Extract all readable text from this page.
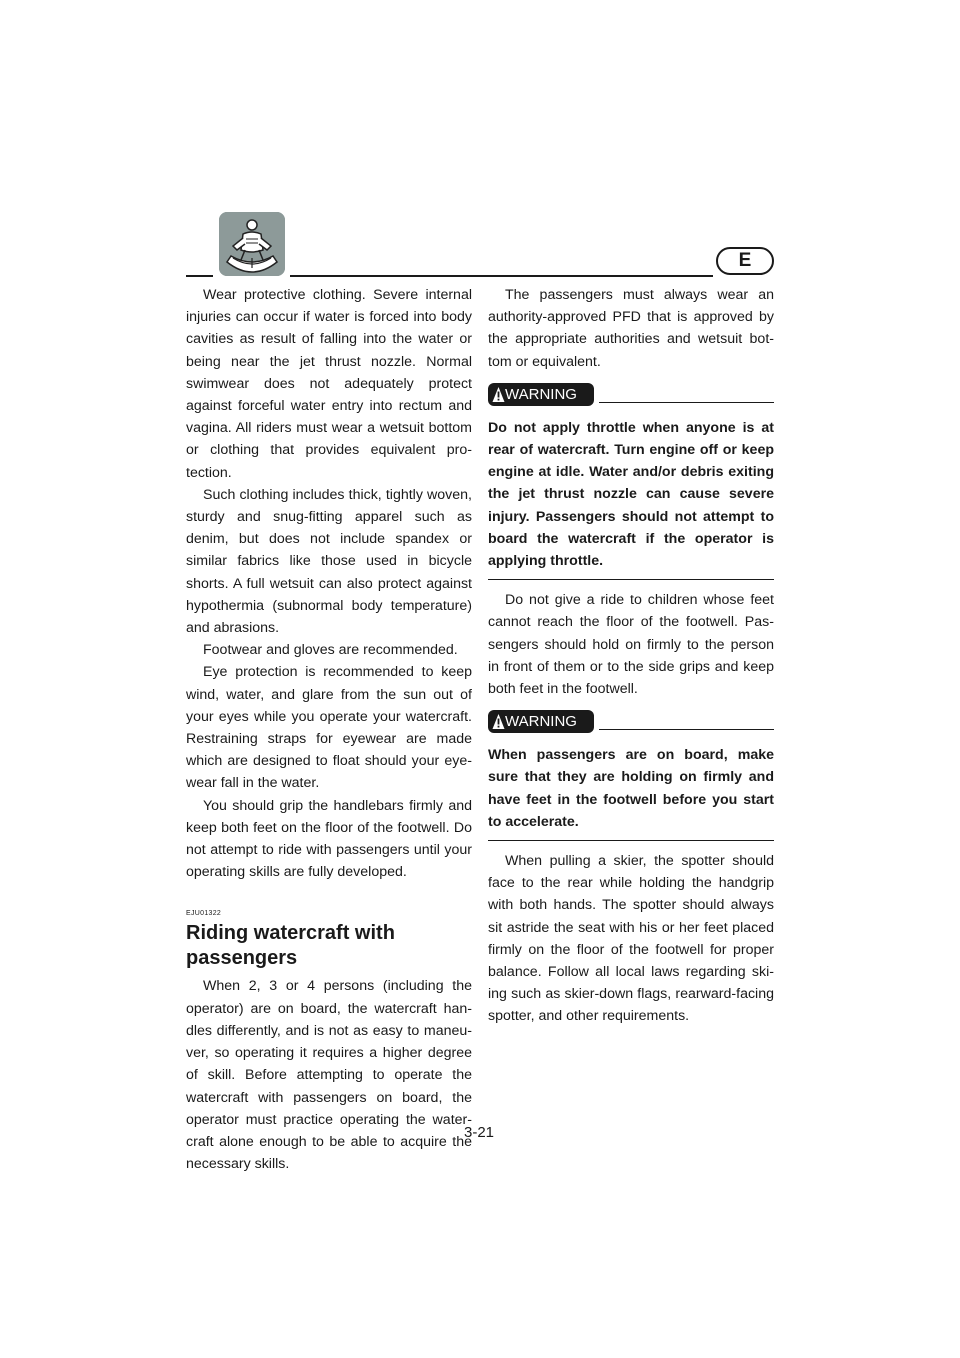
E

Wear protective clothing. Severe internal injuries can occur if water is forced into body cavities as result of falling into the water or being near the jet thrust nozzle. Normal swimwear does not adequately protect against forceful water entry into rectum and vagina. All riders must wear a wetsuit bottom or clothing that provides equivalent protection.

Such clothing includes thick, tightly woven, sturdy and snug-fitting apparel such as denim, but does not include spandex or similar fabrics like those used in bicycle shorts. A full wetsuit can also protect against hypothermia (subnormal body temperature) and abrasions.

Footwear and gloves are recommended.

Eye protection is recommended to keep wind, water, and glare from the sun out of your eyes while you operate your watercraft. Restraining straps for eyewear are made which are designed to float should your eyewear fall in the water.

You should grip the handlebars firmly and keep both feet on the floor of the footwell. Do not attempt to ride with passengers until your operating skills are fully developed.

EJU01322
Riding watercraft with passengers

When 2, 3 or 4 persons (including the operator) are on board, the watercraft handles differently, and is not as easy to maneuver, so operating it requires a higher degree of skill. Before attempting to operate the watercraft with passengers on board, the operator must practice operating the watercraft alone enough to be able to acquire the necessary skills.

The passengers must always wear an authority-approved PFD that is approved by the appropriate authorities and wetsuit bottom or equivalent.

WARNING

Do not apply throttle when anyone is at rear of watercraft. Turn engine off or keep engine at idle. Water and/or debris exiting the jet thrust nozzle can cause severe injury. Passengers should not attempt to board the watercraft if the operator is applying throttle.

Do not give a ride to children whose feet cannot reach the floor of the footwell. Passengers should hold on firmly to the person in front of them or to the side grips and keep both feet in the footwell.

WARNING

When passengers are on board, make sure that they are holding on firmly and have feet in the footwell before you start to accelerate.

When pulling a skier, the spotter should face to the rear while holding the handgrip with both hands. The spotter should always sit astride the seat with his or her feet placed firmly on the floor of the footwell for proper balance. Follow all local laws regarding skiing such as skier-down flags, rearward-facing spotter, and other requirements.

3-21
